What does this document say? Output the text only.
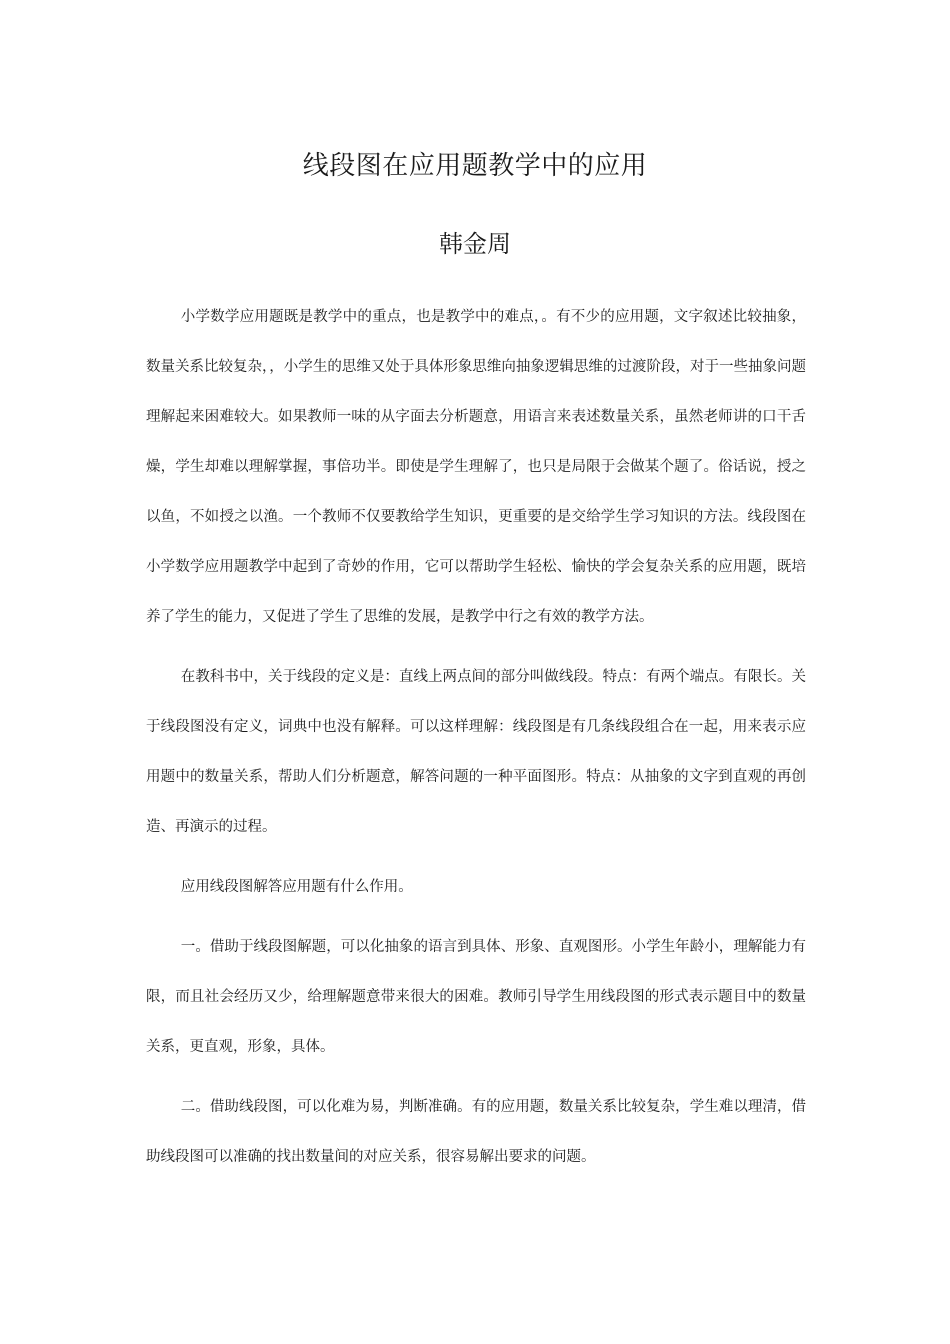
线段图在应用题教学中的应用
韩金周

小学数学应用题既是教学中的重点，也是教学中的难点，。有不少的应用题，文字叙述比较抽象，数量关系比较复杂，，小学生的思维又处于具体形象思维向抽象逻辑思维的过渡阶段，对于一些抽象问题理解起来困难较大。如果教师一味的从字面去分析题意，用语言来表述数量关系，虽然老师讲的口干舌燥，学生却难以理解掌握，事倍功半。即使是学生理解了，也只是局限于会做某个题了。俗话说，授之以鱼，不如授之以渔。一个教师不仅要教给学生知识，更重要的是交给学生学习知识的方法。线段图在小学数学应用题教学中起到了奇妙的作用，它可以帮助学生轻松、愉快的学会复杂关系的应用题，既培养了学生的能力，又促进了学生了思维的发展，是教学中行之有效的教学方法。

在教科书中，关于线段的定义是：直线上两点间的部分叫做线段。特点：有两个端点。有限长。关于线段图没有定义，词典中也没有解释。可以这样理解：线段图是有几条线段组合在一起，用来表示应用题中的数量关系，帮助人们分析题意，解答问题的一种平面图形。特点：从抽象的文字到直观的再创造、再演示的过程。

应用线段图解答应用题有什么作用。

一。借助于线段图解题，可以化抽象的语言到具体、形象、直观图形。小学生年龄小，理解能力有限，而且社会经历又少，给理解题意带来很大的困难。教师引导学生用线段图的形式表示题目中的数量关系，更直观，形象，具体。

二。借助线段图，可以化难为易，判断准确。有的应用题，数量关系比较复杂，学生难以理清，借助线段图可以准确的找出数量间的对应关系，很容易解出要求的问题。
